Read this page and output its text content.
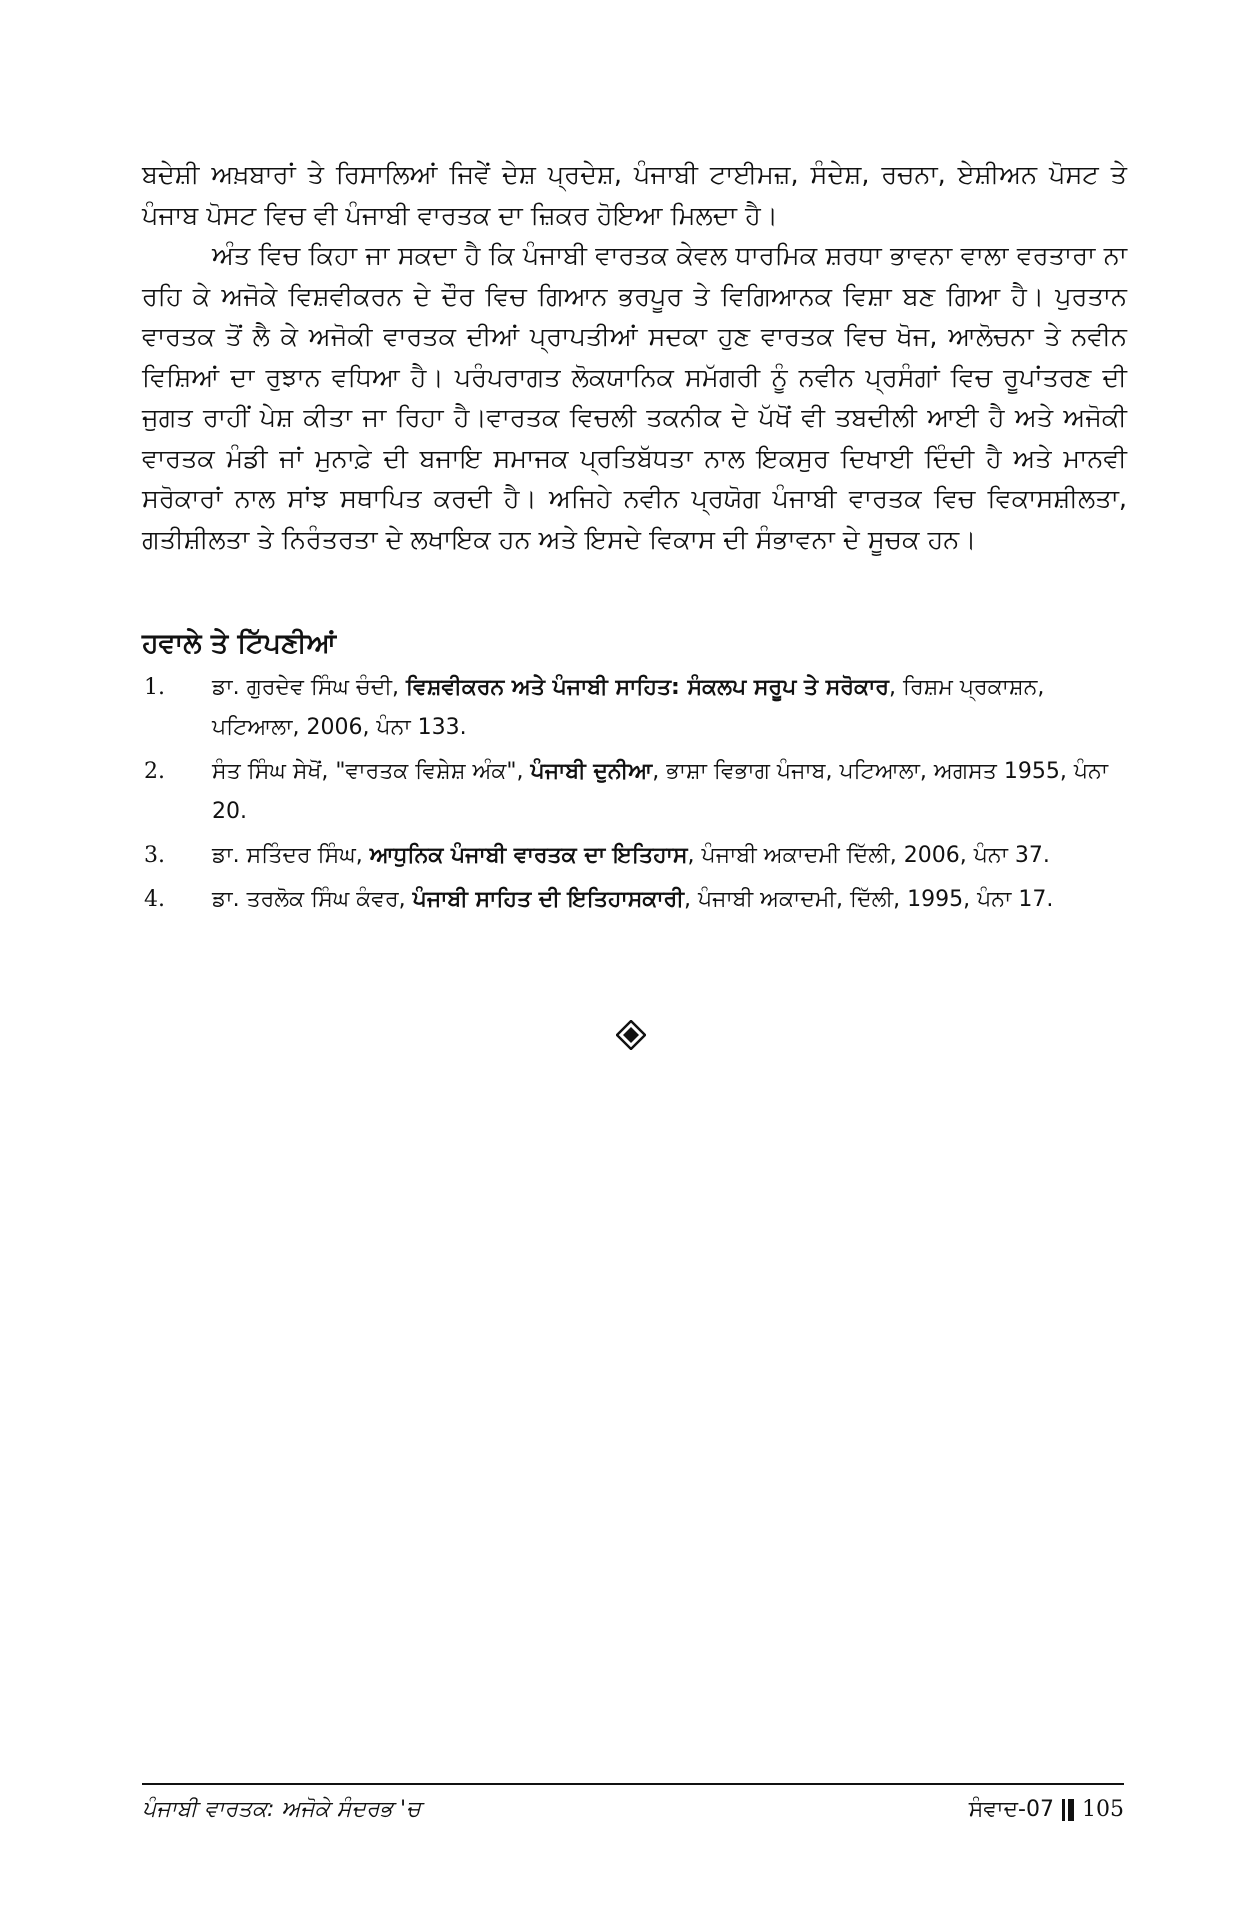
ਬਦੇਸ਼ੀ ਅਖ਼ਬਾਰਾਂ ਤੇ ਰਿਸਾਲਿਆਂ ਜਿਵੇਂ ਦੇਸ਼ ਪ੍ਰਦੇਸ਼, ਪੰਜਾਬੀ ਟਾਈਮਜ਼, ਸੰਦੇਸ਼, ਰਚਨਾ, ਏਸ਼ੀਅਨ ਪੋਸਟ ਤੇ ਪੰਜਾਬ ਪੋਸਟ ਵਿਚ ਵੀ ਪੰਜਾਬੀ ਵਾਰਤਕ ਦਾ ਜ਼ਿਕਰ ਹੋਇਆ ਮਿਲਦਾ ਹੈ।

ਅੰਤ ਵਿਚ ਕਿਹਾ ਜਾ ਸਕਦਾ ਹੈ ਕਿ ਪੰਜਾਬੀ ਵਾਰਤਕ ਕੇਵਲ ਧਾਰਮਿਕ ਸ਼ਰਧਾ ਭਾਵਨਾ ਵਾਲਾ ਵਰਤਾਰਾ ਨਾ ਰਹਿ ਕੇ ਅਜੋਕੇ ਵਿਸ਼ਵੀਕਰਨ ਦੇ ਦੌਰ ਵਿਚ ਗਿਆਨ ਭਰਪੂਰ ਤੇ ਵਿਗਿਆਨਕ ਵਿਸ਼ਾ ਬਣ ਗਿਆ ਹੈ। ਪੁਰਤਾਨ ਵਾਰਤਕ ਤੋਂ ਲੈ ਕੇ ਅਜੋਕੀ ਵਾਰਤਕ ਦੀਆਂ ਪ੍ਰਾਪਤੀਆਂ ਸਦਕਾ ਹੁਣ ਵਾਰਤਕ ਵਿਚ ਖੋਜ, ਆਲੋਚਨਾ ਤੇ ਨਵੀਨ ਵਿਸ਼ਿਆਂ ਦਾ ਰੁਝਾਨ ਵਧਿਆ ਹੈ। ਪਰੰਪਰਾਗਤ ਲੋਕਯਾਨਿਕ ਸਮੱਗਰੀ ਨੂੰ ਨਵੀਨ ਪ੍ਰਸੰਗਾਂ ਵਿਚ ਰੂਪਾਂਤਰਣ ਦੀ ਜੁਗਤ ਰਾਹੀਂ ਪੇਸ਼ ਕੀਤਾ ਜਾ ਰਿਹਾ ਹੈ।ਵਾਰਤਕ ਵਿਚਲੀ ਤਕਨੀਕ ਦੇ ਪੱਖੋਂ ਵੀ ਤਬਦੀਲੀ ਆਈ ਹੈ ਅਤੇ ਅਜੋਕੀ ਵਾਰਤਕ ਮੰਡੀ ਜਾਂ ਮੁਨਾਫ਼ੇ ਦੀ ਬਜਾਇ ਸਮਾਜਕ ਪ੍ਰਤਿਬੱਧਤਾ ਨਾਲ ਇਕਸੁਰ ਦਿਖਾਈ ਦਿੰਦੀ ਹੈ ਅਤੇ ਮਾਨਵੀ ਸਰੋਕਾਰਾਂ ਨਾਲ ਸਾਂਝ ਸਥਾਪਿਤ ਕਰਦੀ ਹੈ। ਅਜਿਹੇ ਨਵੀਨ ਪ੍ਰਯੋਗ ਪੰਜਾਬੀ ਵਾਰਤਕ ਵਿਚ ਵਿਕਾਸਸ਼ੀਲਤਾ, ਗਤੀਸ਼ੀਲਤਾ ਤੇ ਨਿਰੰਤਰਤਾ ਦੇ ਲਖਾਇਕ ਹਨ ਅਤੇ ਇਸਦੇ ਵਿਕਾਸ ਦੀ ਸੰਭਾਵਨਾ ਦੇ ਸੂਚਕ ਹਨ।

ਹਵਾਲੇ ਤੇ ਟਿੱਪਣੀਆਂ
1. ਡਾ. ਗੁਰਦੇਵ ਸਿੰਘ ਚੰਦੀ, ਵਿਸ਼ਵੀਕਰਨ ਅਤੇ ਪੰਜਾਬੀ ਸਾਹਿਤ: ਸੰਕਲਪ ਸਰੂਪ ਤੇ ਸਰੋਕਾਰ, ਰਿਸ਼ਮ ਪ੍ਰਕਾਸ਼ਨ, ਪਟਿਆਲਾ, 2006, ਪੰਨਾ 133.
2. ਸੰਤ ਸਿੰਘ ਸੇਖੋਂ, "ਵਾਰਤਕ ਵਿਸ਼ੇਸ਼ ਅੰਕ", ਪੰਜਾਬੀ ਦੁਨੀਆ, ਭਾਸ਼ਾ ਵਿਭਾਗ ਪੰਜਾਬ, ਪਟਿਆਲਾ, ਅਗਸਤ 1955, ਪੰਨਾ 20.
3. ਡਾ. ਸਤਿੰਦਰ ਸਿੰਘ, ਆਧੁਨਿਕ ਪੰਜਾਬੀ ਵਾਰਤਕ ਦਾ ਇਤਿਹਾਸ, ਪੰਜਾਬੀ ਅਕਾਦਮੀ ਦਿੱਲੀ, 2006, ਪੰਨਾ 37.
4. ਡਾ. ਤਰਲੋਕ ਸਿੰਘ ਕੰਵਰ, ਪੰਜਾਬੀ ਸਾਹਿਤ ਦੀ ਇਤਿਹਾਸਕਾਰੀ, ਪੰਜਾਬੀ ਅਕਾਦਮੀ, ਦਿੱਲੀ, 1995, ਪੰਨਾ 17.
ਪੰਜਾਬੀ ਵਾਰਤਕ: ਅਜੋਕੇ ਸੰਦਰਭ 'ਚ	ਸੰਵਾਦ-07 105
